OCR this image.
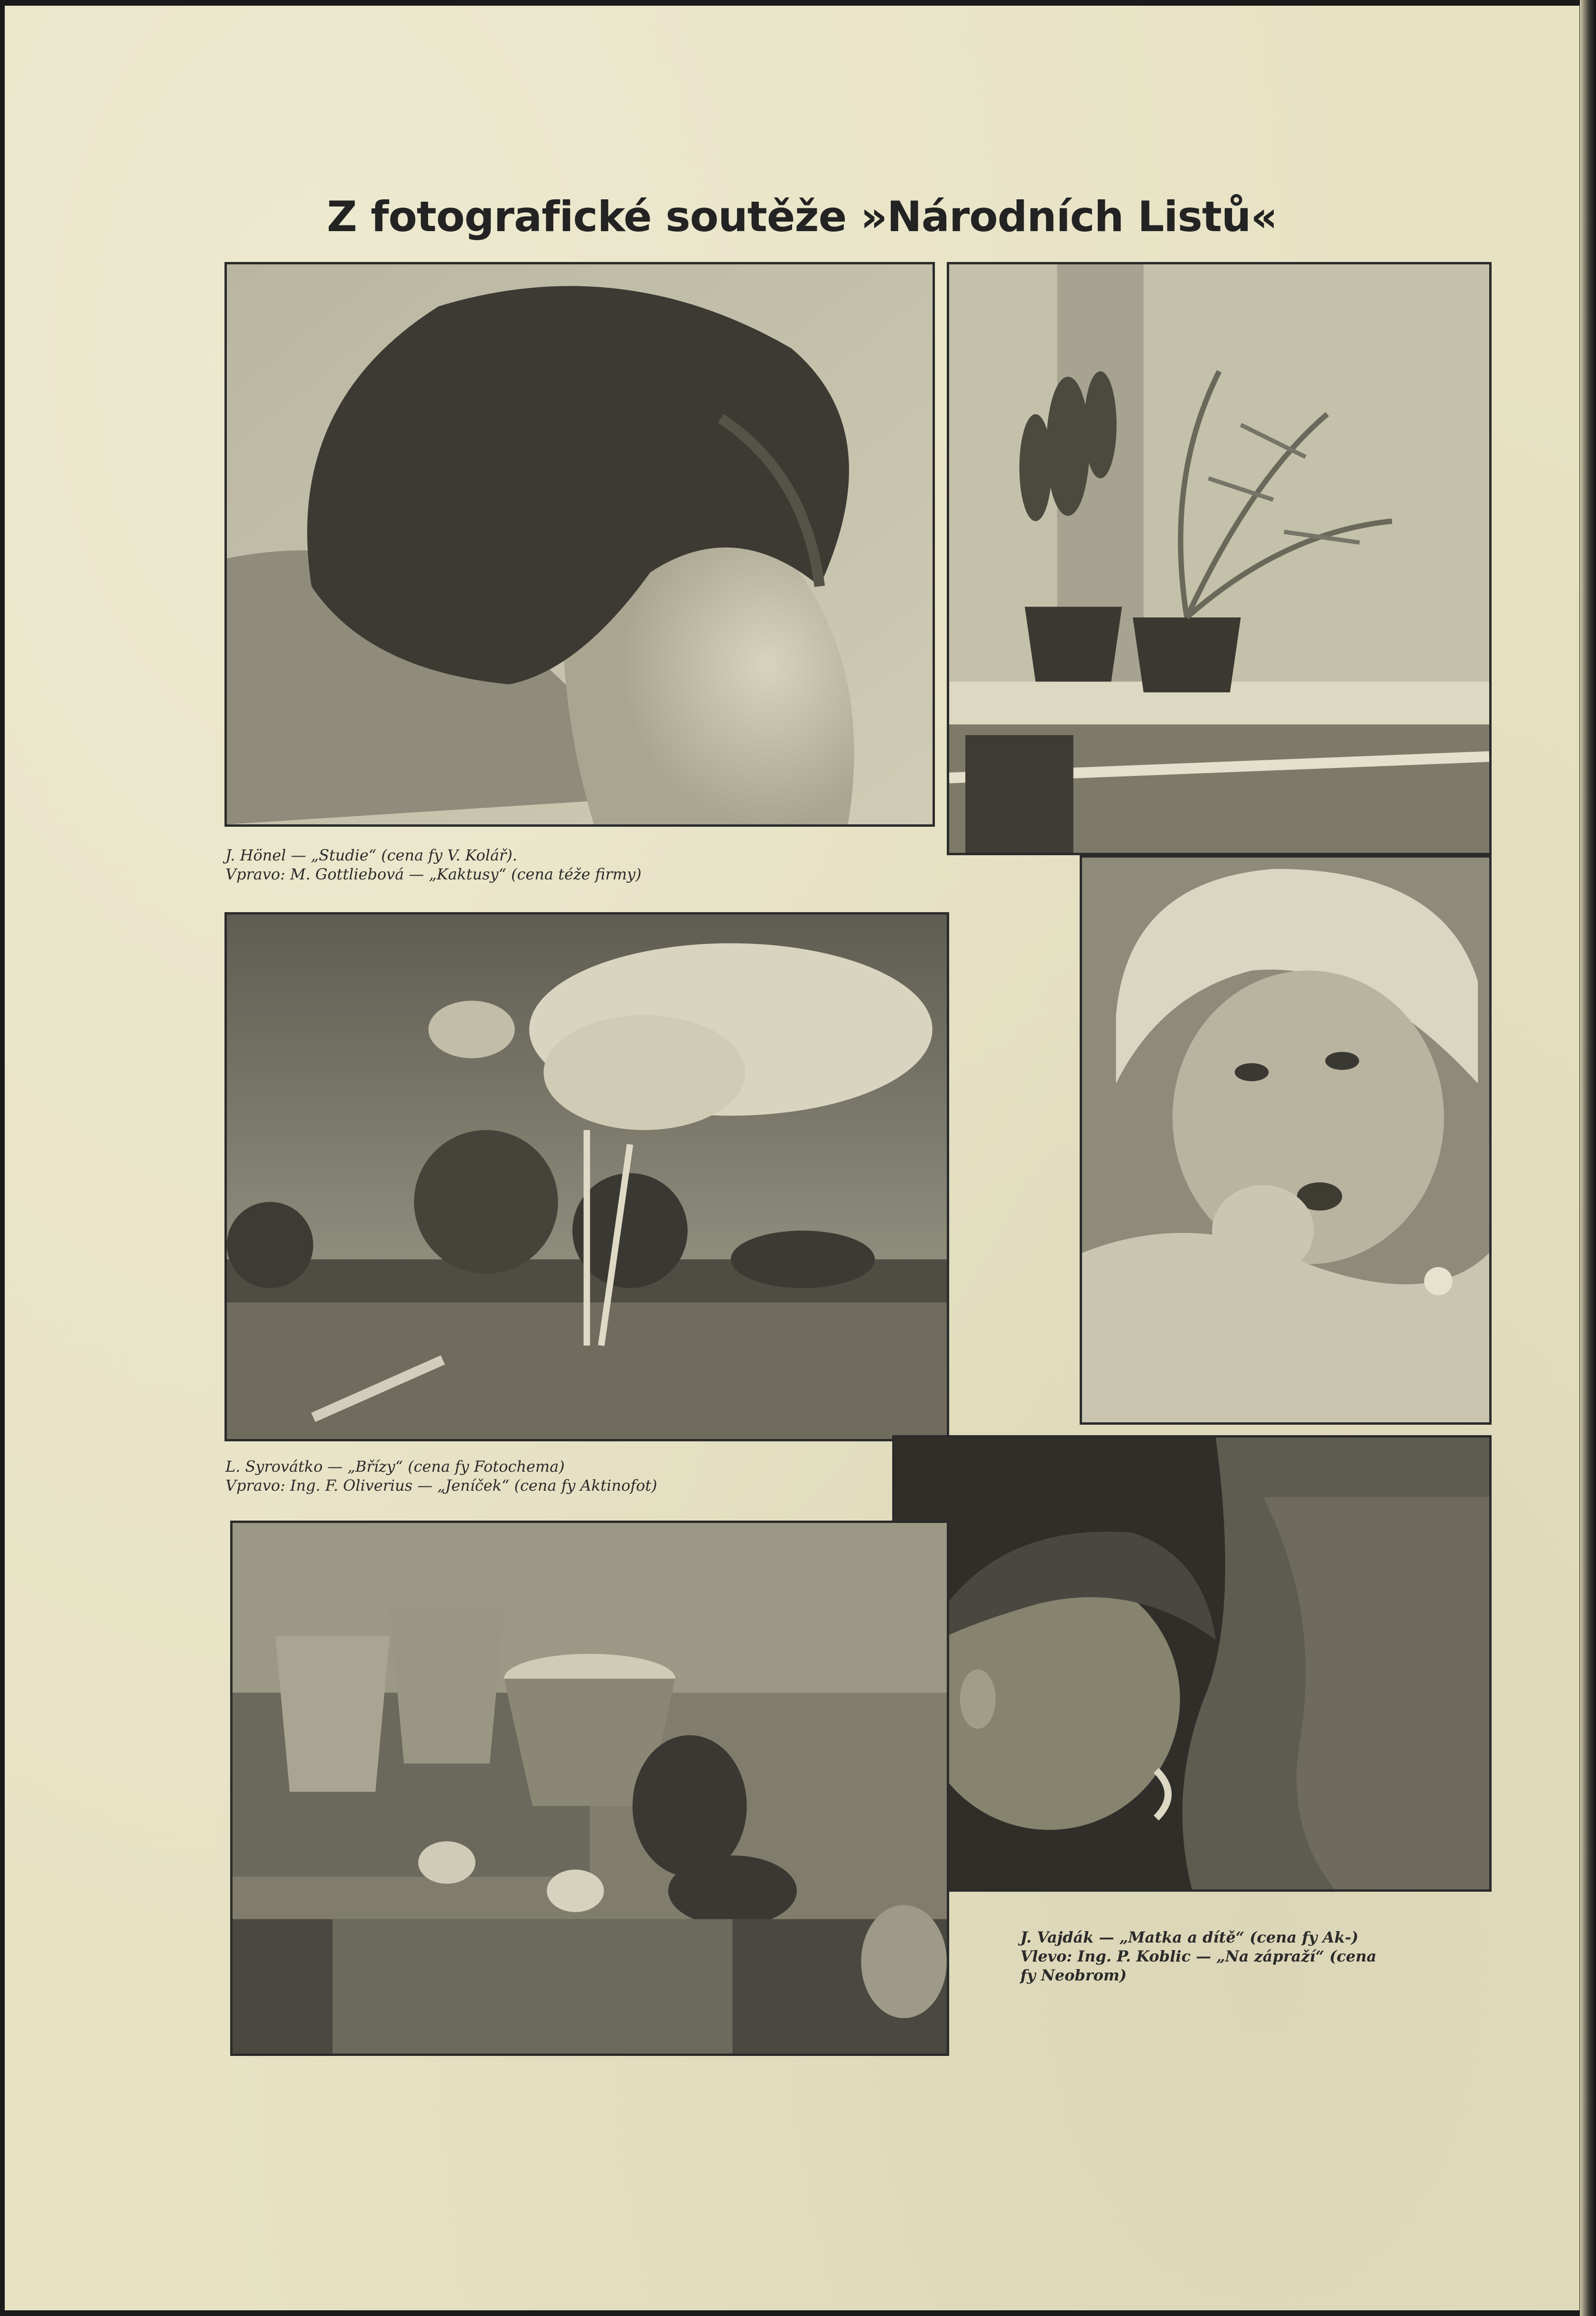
Z fotografické soutěže »Národních Listů«
J. Hönel — „Studie“ (cena fy V. Kolář).
Vpravo: M. Gottliebová — „Kaktusy“ (cena téže firmy)
L. Syrovátko — „Břízy“ (cena fy Fotochema)
Vpravo: Ing. F. Oliverius — „Jeníček“ (cena fy Aktinofot)
J. Vajdák — „Matka a dítě“ (cena fy Ak‑)
Vlevo: Ing. P. Koblic — „Na zápraží“ (cena
fy Neobrom)
